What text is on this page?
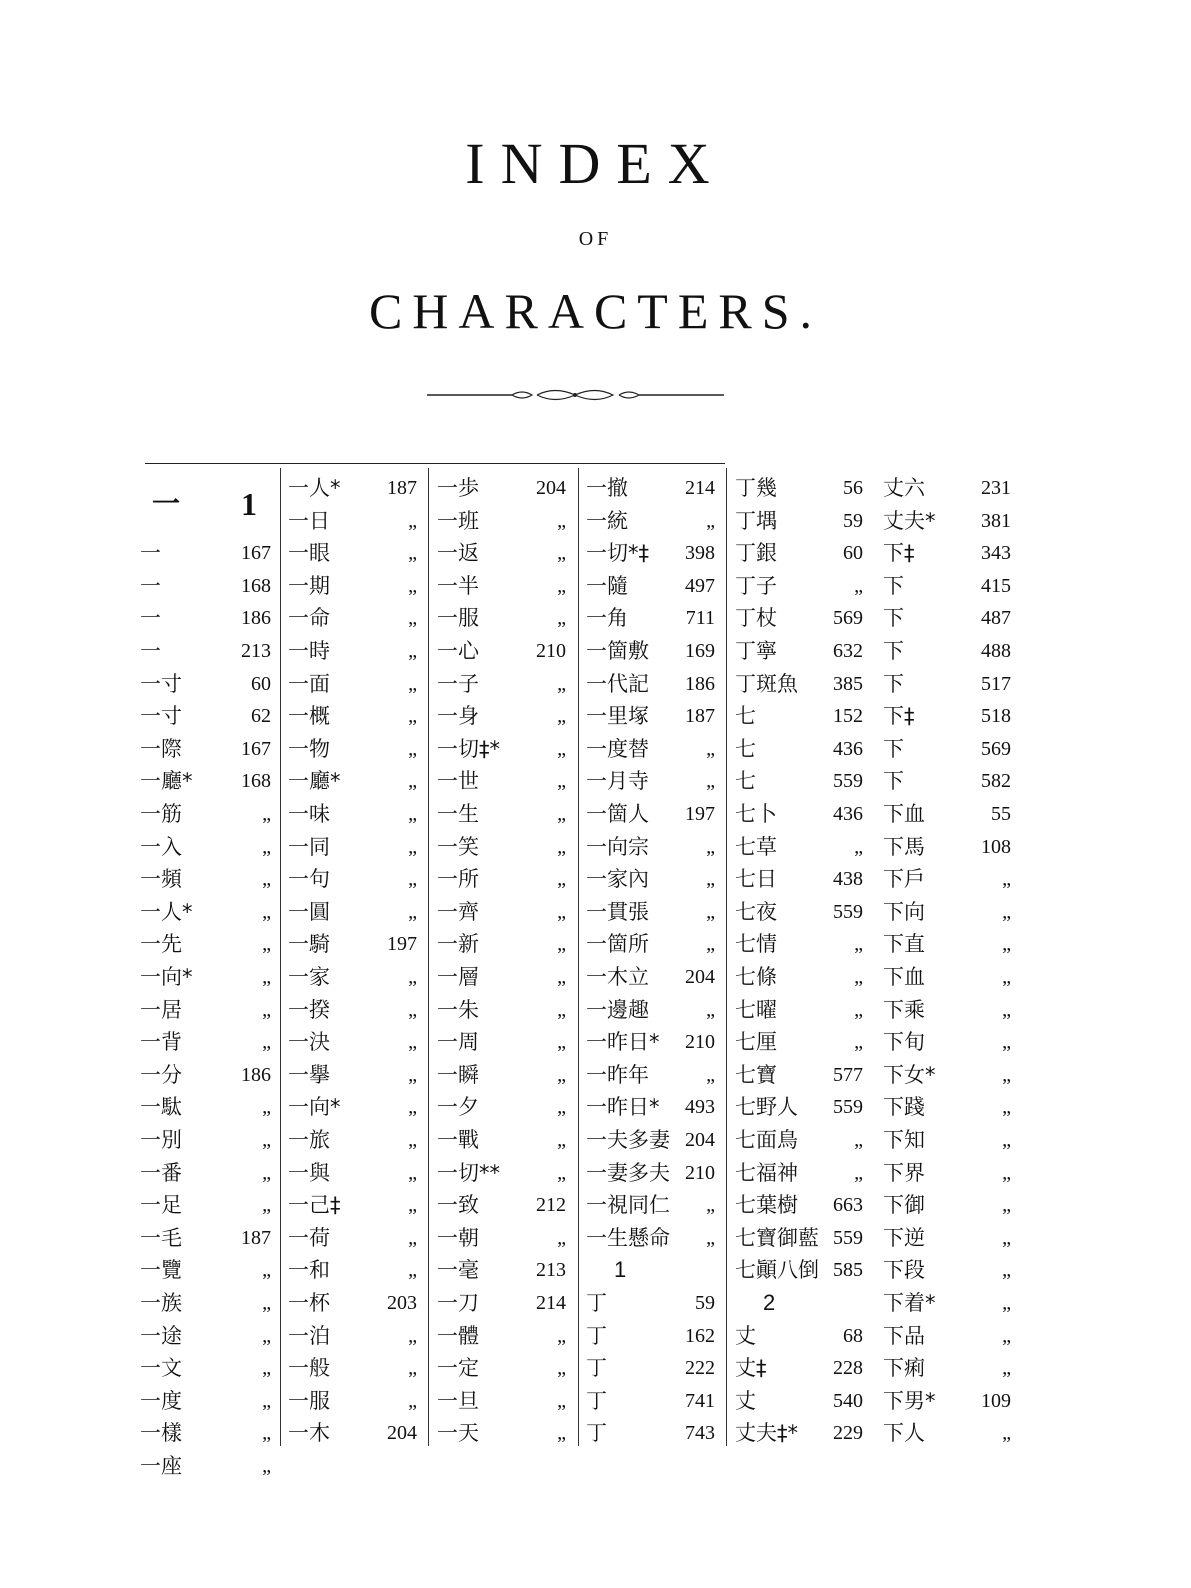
INDEX
OF
CHARACTERS.
一	1
一	167
一	168
一	186
一	213
一寸	60
一寸	62
一際	167
一廳*	168
一筋	„
一入	„
一頻	„
一人*	„
一先	„
一向*	„
一居	„
一背	„
一分	186
一駄	„
一別	„
一番	„
一足	„
一毛	187
一覽	„
一族	„
一途	„
一文	„
一度	„
一樣	„
一座	„
一人*	187
一日	„
一眼	„
一期	„
一命	„
一時	„
一面	„
一概	„
一物	„
一廳*	„
一味	„
一同	„
一句	„
一圓	„
一騎	197
一家	„
一揆	„
一決	„
一擧	„
一向*	„
一旅	„
一與	„
一己‡	„
一荷	„
一和	„
一杯	203
一泊	„
一般	„
一服	„
一木	204
一歩	204
一班	„
一返	„
一半	„
一服	„
一心	210
一子	„
一身	„
一切‡*	„
一世	„
一生	„
一笑	„
一所	„
一齊	„
一新	„
一層	„
一朱	„
一周	„
一瞬	„
一夕	„
一戰	„
一切**	„
一致	212
一朝	„
一毫	213
一刀	214
一體	„
一定	„
一旦	„
一天	„
一撤	214
一統	„
一切*‡	398
一隨	497
一角	711
一箇敷	169
一代記	186
一里塚	187
一度替	„
一月寺	„
一箇人	197
一向宗	„
一家內	„
一貫張	„
一箇所	„
一木立	204
一邊趣	„
一昨日*	210
一昨年	„
一昨日*	493
一夫多妻 204
一妻多夫 210
一視同仁	„
一生懸命	„
1
丁	59
丁	162
丁	222
丁	741
丁	743
丁幾	56
丁堣	59
丁銀	60
丁子	„
丁杖	569
丁寧	632
丁斑魚	385
七	152
七	436
七	559
七卜	436
七草	„
七日	438
七夜	559
七情	„
七條	„
七曜	„
七厘	„
七寶	577
七野人	559
七面鳥	„
七福神	„
七葉樹	663
七寶御藍 559
七顚八倒 585
2
丈	68
丈‡	228
丈	540
丈夫‡*	229
丈六	231
丈夫*	381
下‡	343
下	415
下	487
下	488
下	517
下‡	518
下	569
下	582
下血	55
下馬	108
下戶	„
下向	„
下直	„
下血	„
下乘	„
下旬	„
下女*	„
下踐	„
下知	„
下界	„
下御	„
下逆	„
下段	„
下着*	„
下品	„
下痢	„
下男*	109
下人	„
